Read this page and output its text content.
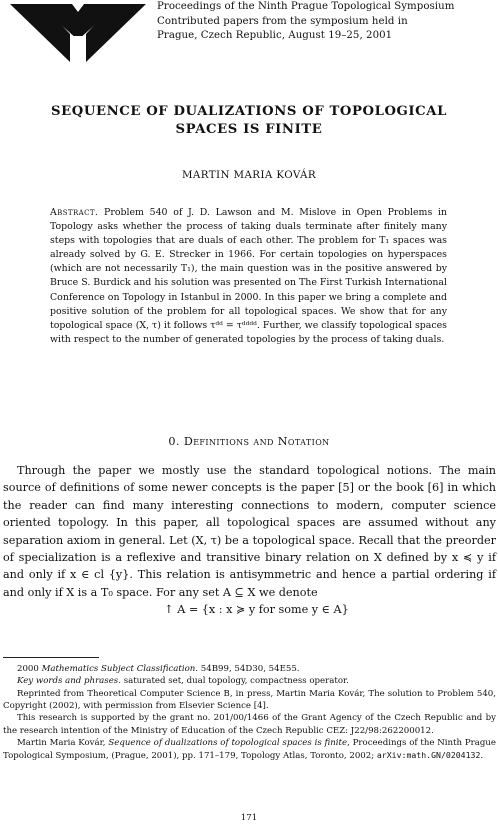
Proceedings of the Ninth Prague Topological Symposium
Contributed papers from the symposium held in
Prague, Czech Republic, August 19–25, 2001
SEQUENCE OF DUALIZATIONS OF TOPOLOGICAL
SPACES IS FINITE
MARTIN MARIA KOVÁR
Abstract. Problem 540 of J. D. Lawson and M. Mislove in Open Problems in Topology asks whether the process of taking duals terminate after finitely many steps with topologies that are duals of each other. The problem for T₁ spaces was already solved by G. E. Strecker in 1966. For certain topologies on hyperspaces (which are not necessarily T₁), the main question was in the positive answered by Bruce S. Burdick and his solution was presented on The First Turkish International Conference on Topology in Istanbul in 2000. In this paper we bring a complete and positive solution of the problem for all topological spaces. We show that for any topological space (X, τ) it follows τᵈᵈ = τᵈᵈᵈᵈ. Further, we classify topological spaces with respect to the number of generated topologies by the process of taking duals.
0. Definitions and Notation

Through the paper we mostly use the standard topological notions. The main source of definitions of some newer concepts is the paper [5] or the book [6] in which the reader can find many interesting connections to modern, computer science oriented topology. In this paper, all topological spaces are assumed without any separation axiom in general. Let (X, τ) be a topological space. Recall that the preorder of specialization is a reflexive and transitive binary relation on X defined by x ≼ y if and only if x ∈ cl {y}. This relation is antisymmetric and hence a partial ordering if and only if X is a T₀ space. For any set A ⊆ X we denote

↑ A = {x : x ≽ y for some y ∈ A}

2000 Mathematics Subject Classification. 54B99, 54D30, 54E55.

Key words and phrases. saturated set, dual topology, compactness operator.

Reprinted from Theoretical Computer Science B, in press, Martin Maria Kovár, The solution to Problem 540, Copyright (2002), with permission from Elsevier Science [4].

This research is supported by the grant no. 201/00/1466 of the Grant Agency of the Czech Republic and by the research intention of the Ministry of Education of the Czech Republic CEZ: J22/98:262200012.

Martin Maria Kovár, Sequence of dualizations of topological spaces is finite, Proceedings of the Ninth Prague Topological Symposium, (Prague, 2001), pp. 171–179, Topology Atlas, Toronto, 2002; arXiv:math.GN/0204132.

171
